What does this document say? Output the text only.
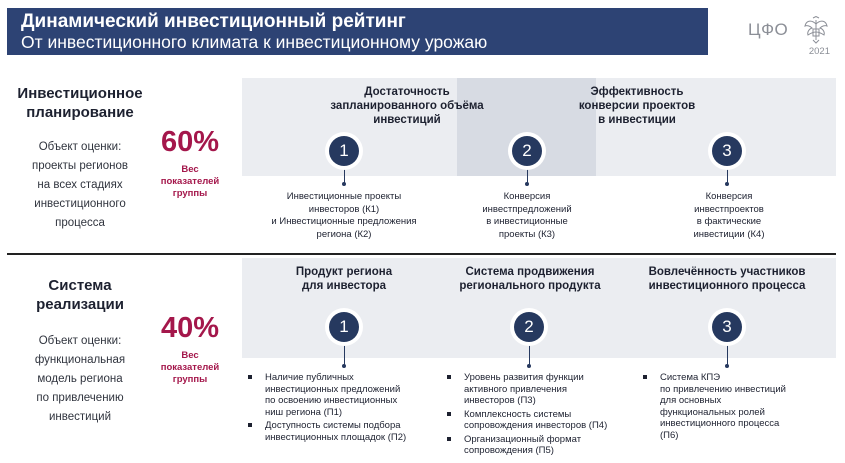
Динамический инвестиционный рейтинг
От инвестиционного климата к инвестиционному урожаю
ЦФО
2021
Инвестиционное
планирование
Объект оценки:
проекты регионов
на всех стадиях
инвестиционного
процесса
60%
Вес
показателей
группы
Достаточность
запланированного объёма
инвестиций
Эффективность
конверсии проектов
в инвестиции
1	2	3
Инвестиционные проекты
инвесторов (К1)
и Инвестиционные предложения
региона (К2)
Конверсия
инвестпредложений
в инвестиционные
проекты (К3)
Конверсия
инвестпроектов
в фактические
инвестиции (К4)
Система
реализации
Объект оценки:
функциональная
модель региона
по привлечению
инвестиций
40%
Вес
показателей
группы
Продукт региона
для инвестора
Система продвижения
регионального продукта
Вовлечённость участников
инвестиционного процесса
1	2	3
Наличие публичных
инвестиционных предложений
по освоению инвестиционных
ниш региона (П1)
Доступность системы подбора
инвестиционных площадок (П2)
Уровень развития функции
активного привлечения
инвесторов (П3)
Комплексность системы
сопровождения инвесторов (П4)
Организационный формат
сопровождения (П5)
Система КПЭ
по привлечению инвестиций
для основных
функциональных ролей
инвестиционного процесса
(П6)
